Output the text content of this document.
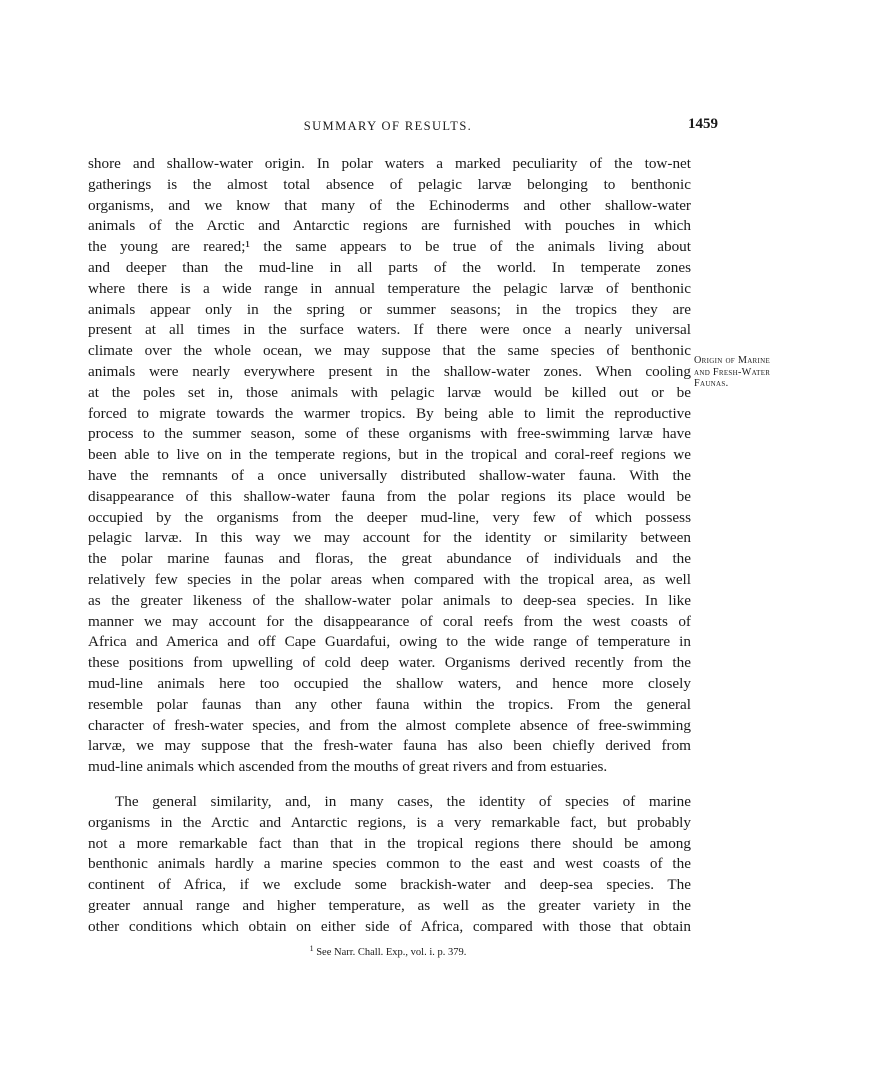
SUMMARY OF RESULTS.	1459
shore and shallow-water origin. In polar waters a marked peculiarity of the tow-net
gatherings is the almost total absence of pelagic larvæ belonging to benthonic
organisms, and we know that many of the Echinoderms and other shallow-water
animals of the Arctic and Antarctic regions are furnished with pouches in which
the young are reared;¹ the same appears to be true of the animals living about
and deeper than the mud-line in all parts of the world. In temperate zones
where there is a wide range in annual temperature the pelagic larvæ of benthonic
animals appear only in the spring or summer seasons; in the tropics they are
present at all times in the surface waters. If there were once a nearly universal
climate over the whole ocean, we may suppose that the same species of benthonic
animals were nearly everywhere present in the shallow-water zones. When cooling
at the poles set in, those animals with pelagic larvæ would be killed out or be
forced to migrate towards the warmer tropics. By being able to limit the reproductive
process to the summer season, some of these organisms with free-swimming larvæ have
been able to live on in the temperate regions, but in the tropical and coral-reef regions we
have the remnants of a once universally distributed shallow-water fauna. With the
disappearance of this shallow-water fauna from the polar regions its place would be
occupied by the organisms from the deeper mud-line, very few of which possess
pelagic larvæ. In this way we may account for the identity or similarity between
the polar marine faunas and floras, the great abundance of individuals and the
relatively few species in the polar areas when compared with the tropical area, as well
as the greater likeness of the shallow-water polar animals to deep-sea species. In like
manner we may account for the disappearance of coral reefs from the west coasts of
Africa and America and off Cape Guardafui, owing to the wide range of temperature in
these positions from upwelling of cold deep water. Organisms derived recently from the
mud-line animals here too occupied the shallow waters, and hence more closely
resemble polar faunas than any other fauna within the tropics. From the general
character of fresh-water species, and from the almost complete absence of free-swimming
larvæ, we may suppose that the fresh-water fauna has also been chiefly derived from
mud-line animals which ascended from the mouths of great rivers and from estuaries.
The general similarity, and, in many cases, the identity of species of marine
organisms in the Arctic and Antarctic regions, is a very remarkable fact, but probably
not a more remarkable fact than that in the tropical regions there should be among
benthonic animals hardly a marine species common to the east and west coasts of the
continent of Africa, if we exclude some brackish-water and deep-sea species. The
greater annual range and higher temperature, as well as the greater variety in the
other conditions which obtain on either side of Africa, compared with those that obtain
Origin of Marine
and Fresh-Water
Faunas.
$^1$ See Narr. Chall. Exp., vol. i. p. 379.
